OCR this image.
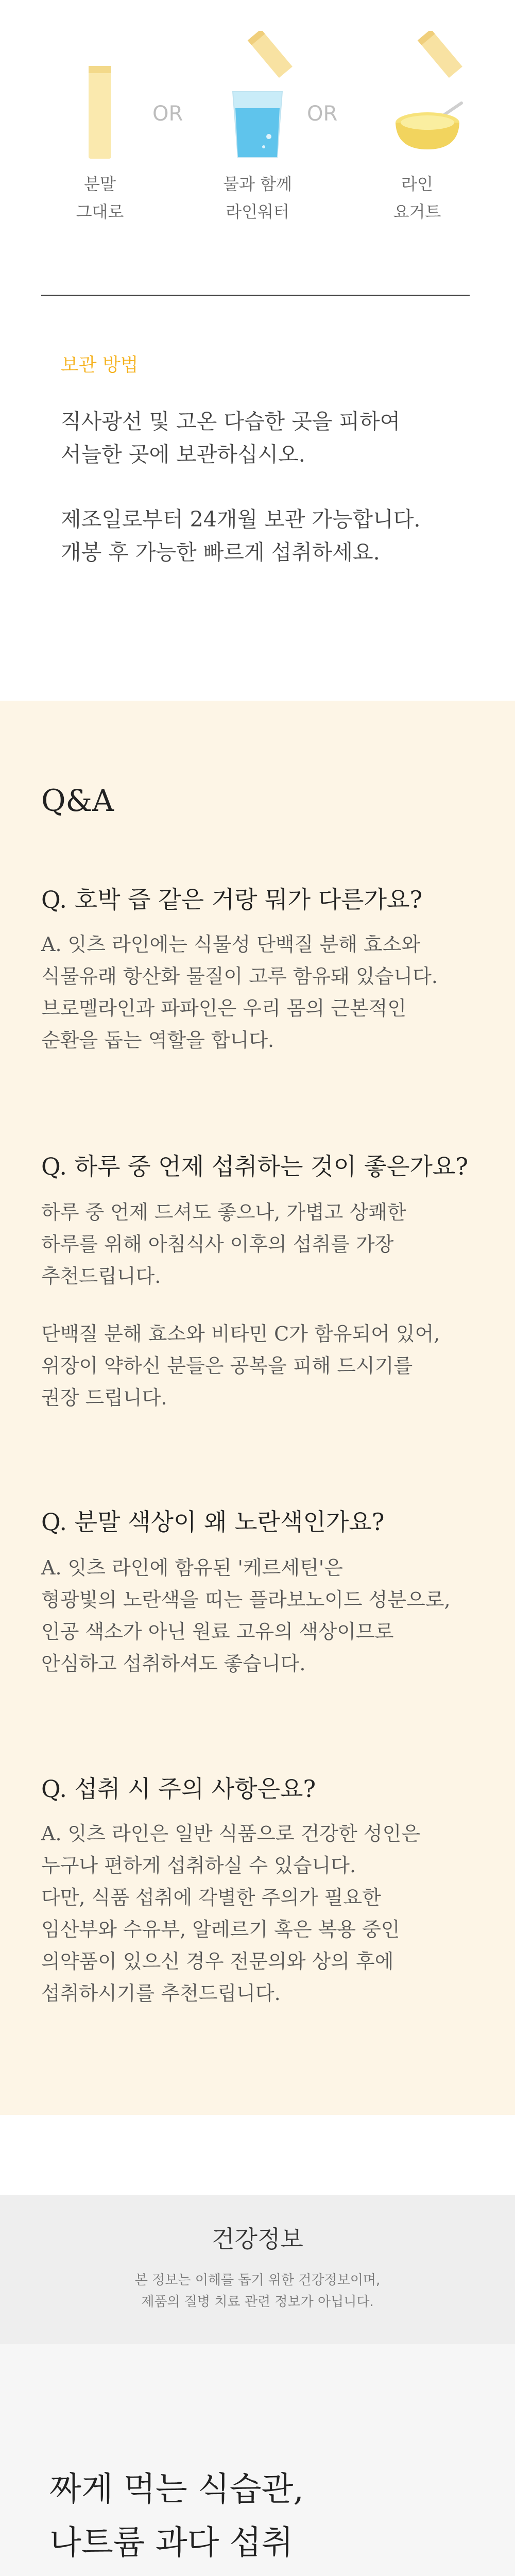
OR	OR
분말
그대로
물과 함께
라인워터
라인
요거트
보관 방법
직사광선 및 고온 다습한 곳을 피하여
서늘한 곳에 보관하십시오.
제조일로부터 24개월 보관 가능합니다.
개봉 후 가능한 빠르게 섭취하세요.
Q&A
Q. 호박 즙 같은 거랑 뭐가 다른가요?
A. 잇츠 라인에는 식물성 단백질 분해 효소와
식물유래 항산화 물질이 고루 함유돼 있습니다.
브로멜라인과 파파인은 우리 몸의 근본적인
순환을 돕는 역할을 합니다.
Q. 하루 중 언제 섭취하는 것이 좋은가요?
하루 중 언제 드셔도 좋으나, 가볍고 상쾌한
하루를 위해 아침식사 이후의 섭취를 가장
추천드립니다.
단백질 분해 효소와 비타민 C가 함유되어 있어,
위장이 약하신 분들은 공복을 피해 드시기를
권장 드립니다.
Q. 분말 색상이 왜 노란색인가요?
A. 잇츠 라인에 함유된 '케르세틴'은
형광빛의 노란색을 띠는 플라보노이드 성분으로,
인공 색소가 아닌 원료 고유의 색상이므로
안심하고 섭취하셔도 좋습니다.
Q. 섭취 시 주의 사항은요?
A. 잇츠 라인은 일반 식품으로 건강한 성인은
누구나 편하게 섭취하실 수 있습니다.
다만, 식품 섭취에 각별한 주의가 필요한
임산부와 수유부, 알레르기 혹은 복용 중인
의약품이 있으신 경우 전문의와 상의 후에
섭취하시기를 추천드립니다.
건강정보
본 정보는 이해를 돕기 위한 건강정보이며,
제품의 질병 치료 관련 정보가 아닙니다.
짜게 먹는 식습관,
나트륨 과다 섭취
